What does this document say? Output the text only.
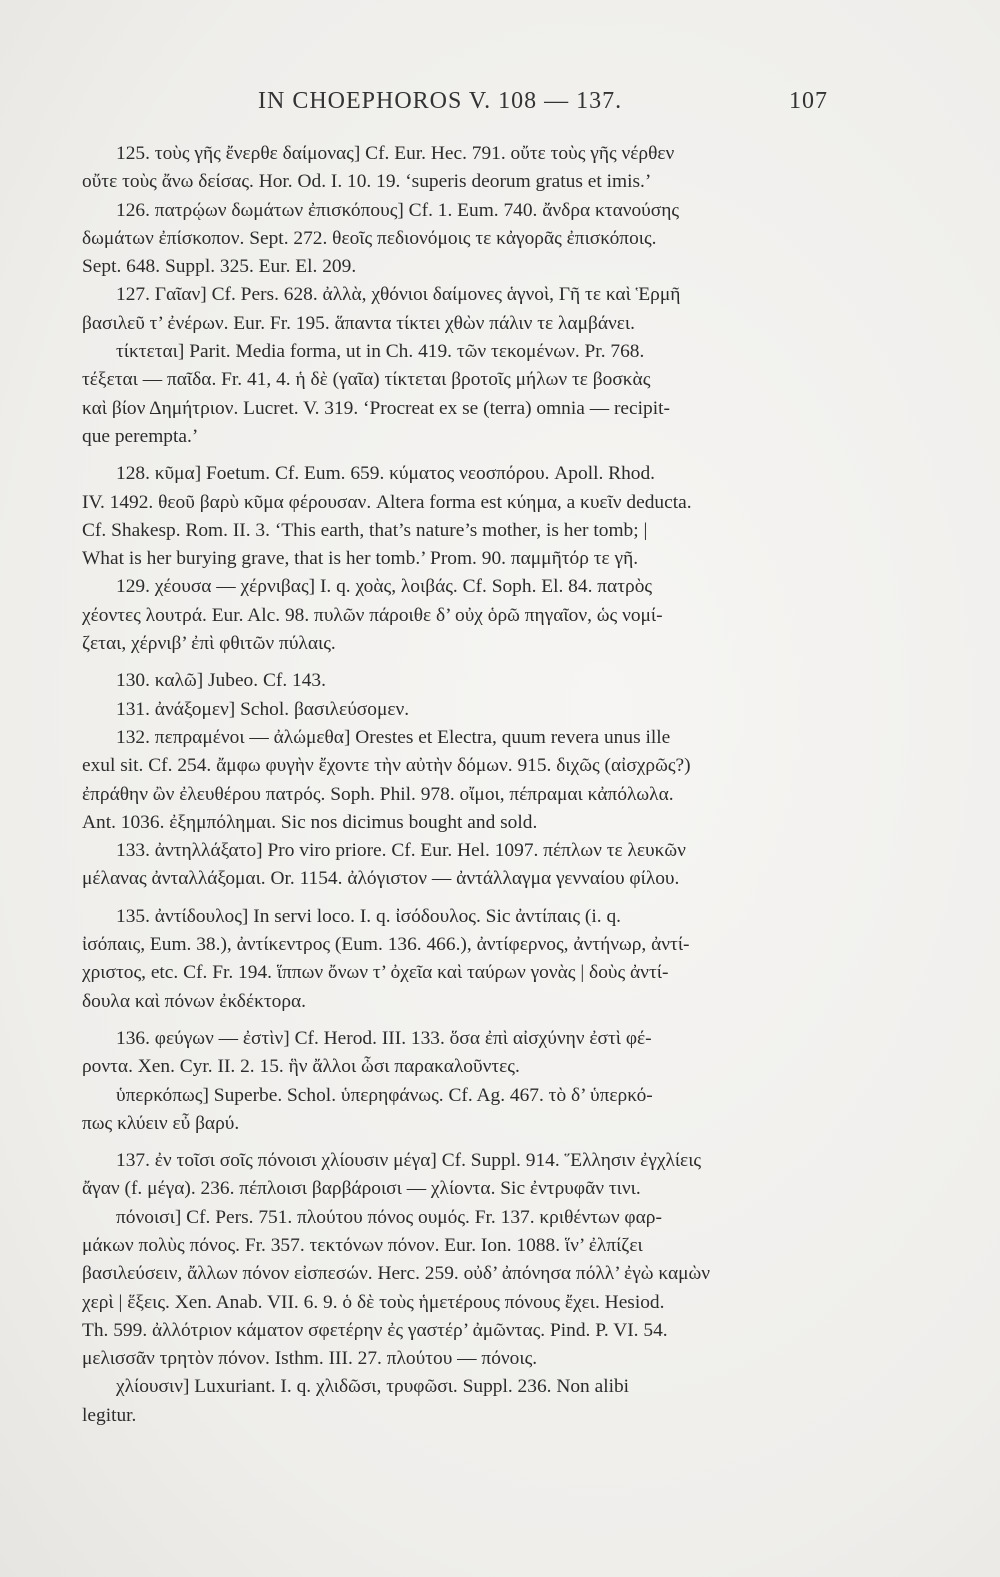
IN CHOEPHOROS V. 108 — 137.	107
125. τοὺς γῆς ἔνερθε δαίμονας] Cf. Eur. Hec. 791. οὔτε τοὺς γῆς νέρθεν
οὔτε τοὺς ἄνω δείσας. Hor. Od. I. 10. 19. ‘superis deorum gratus et imis.’
126. πατρῴων δωμάτων ἐπισκόπους] Cf. 1. Eum. 740. ἄνδρα κτανούσης
δωμάτων ἐπίσκοπον. Sept. 272. θεοῖς πεδιονόμοις τε κἀγορᾶς ἐπισκόποις.
Sept. 648. Suppl. 325. Eur. El. 209.
127. Γαῖαν] Cf. Pers. 628. ἀλλὰ, χθόνιοι δαίμονες ἁγνοὶ, Γῆ τε καὶ Ἑρμῆ
βασιλεῦ τ’ ἐνέρων. Eur. Fr. 195. ἅπαντα τίκτει χθὼν πάλιν τε λαμβάνει.
τίκτεται] Parit. Media forma, ut in Ch. 419. τῶν τεκομένων. Pr. 768.
τέξεται — παῖδα. Fr. 41, 4. ἡ δὲ (γαῖα) τίκτεται βροτοῖς μήλων τε βοσκὰς
καὶ βίον Δημήτριον. Lucret. V. 319. ‘Procreat ex se (terra) omnia — recipit-
que perempta.’
128. κῦμα] Foetum. Cf. Eum. 659. κύματος νεοσπόρου. Apoll. Rhod.
IV. 1492. θεοῦ βαρὺ κῦμα φέρουσαν. Altera forma est κύημα, a κυεῖν deducta.
Cf. Shakesp. Rom. II. 3. ‘This earth, that’s nature’s mother, is her tomb; |
What is her burying grave, that is her tomb.’ Prom. 90. παμμῆτόρ τε γῆ.
129. χέουσα — χέρνιβας] I. q. χοὰς, λοιβάς. Cf. Soph. El. 84. πατρὸς
χέοντες λουτρά. Eur. Alc. 98. πυλῶν πάροιθε δ’ οὐχ ὁρῶ πηγαῖον, ὡς νομί-
ζεται, χέρνιβ’ ἐπὶ φθιτῶν πύλαις.
130. καλῶ] Jubeo. Cf. 143.
131. ἀνάξομεν] Schol. βασιλεύσομεν.
132. πεπραμένοι — ἀλώμεθα] Orestes et Electra, quum revera unus ille
exul sit. Cf. 254. ἄμφω φυγὴν ἔχοντε τὴν αὐτὴν δόμων. 915. διχῶς (αἰσχρῶς?)
ἐπράθην ὢν ἐλευθέρου πατρός. Soph. Phil. 978. οἴμοι, πέπραμαι κἀπόλωλα.
Ant. 1036. ἐξημπόλημαι. Sic nos dicimus bought and sold.
133. ἀντηλλάξατο] Pro viro priore. Cf. Eur. Hel. 1097. πέπλων τε λευκῶν
μέλανας ἀνταλλάξομαι. Or. 1154. ἀλόγιστον — ἀντάλλαγμα γενναίου φίλου.
135. ἀντίδουλος] In servi loco. I. q. ἰσόδουλος. Sic ἀντίπαις (i. q.
ἰσόπαις, Eum. 38.), ἀντίκεντρος (Eum. 136. 466.), ἀντίφερνος, ἀντήνωρ, ἀντί-
χριστος, etc. Cf. Fr. 194. ἵππων ὄνων τ’ ὀχεῖα καὶ ταύρων γονὰς | δοὺς ἀντί-
δουλα καὶ πόνων ἐκδέκτορα.
136. φεύγων — ἐστὶν] Cf. Herod. III. 133. ὅσα ἐπὶ αἰσχύνην ἐστὶ φέ-
ροντα. Xen. Cyr. II. 2. 15. ἣν ἄλλοι ὦσι παρακαλοῦντες.
ὑπερκόπως] Superbe. Schol. ὑπερηφάνως. Cf. Ag. 467. τὸ δ’ ὑπερκό-
πως κλύειν εὖ βαρύ.
137. ἐν τοῖσι σοῖς πόνοισι χλίουσιν μέγα] Cf. Suppl. 914. Ἕλλησιν ἐγχλίεις
ἄγαν (f. μέγα). 236. πέπλοισι βαρβάροισι — χλίοντα. Sic ἐντρυφᾶν τινι.
πόνοισι] Cf. Pers. 751. πλούτου πόνος ουμός. Fr. 137. κριθέντων φαρ-
μάκων πολὺς πόνος. Fr. 357. τεκτόνων πόνον. Eur. Ion. 1088. ἵν’ ἐλπίζει
βασιλεύσειν, ἄλλων πόνον εἰσπεσών. Herc. 259. οὐδ’ ἀπόνησα πόλλ’ ἐγὼ καμὼν
χερὶ | ἕξεις. Xen. Anab. VII. 6. 9. ὁ δὲ τοὺς ἡμετέρους πόνους ἔχει. Hesiod.
Th. 599. ἀλλότριον κάματον σφετέρην ἐς γαστέρ’ ἀμῶντας. Pind. P. VI. 54.
μελισσᾶν τρητὸν πόνον. Isthm. III. 27. πλούτου — πόνοις.
χλίουσιν] Luxuriant. I. q. χλιδῶσι, τρυφῶσι. Suppl. 236. Non alibi
legitur.
